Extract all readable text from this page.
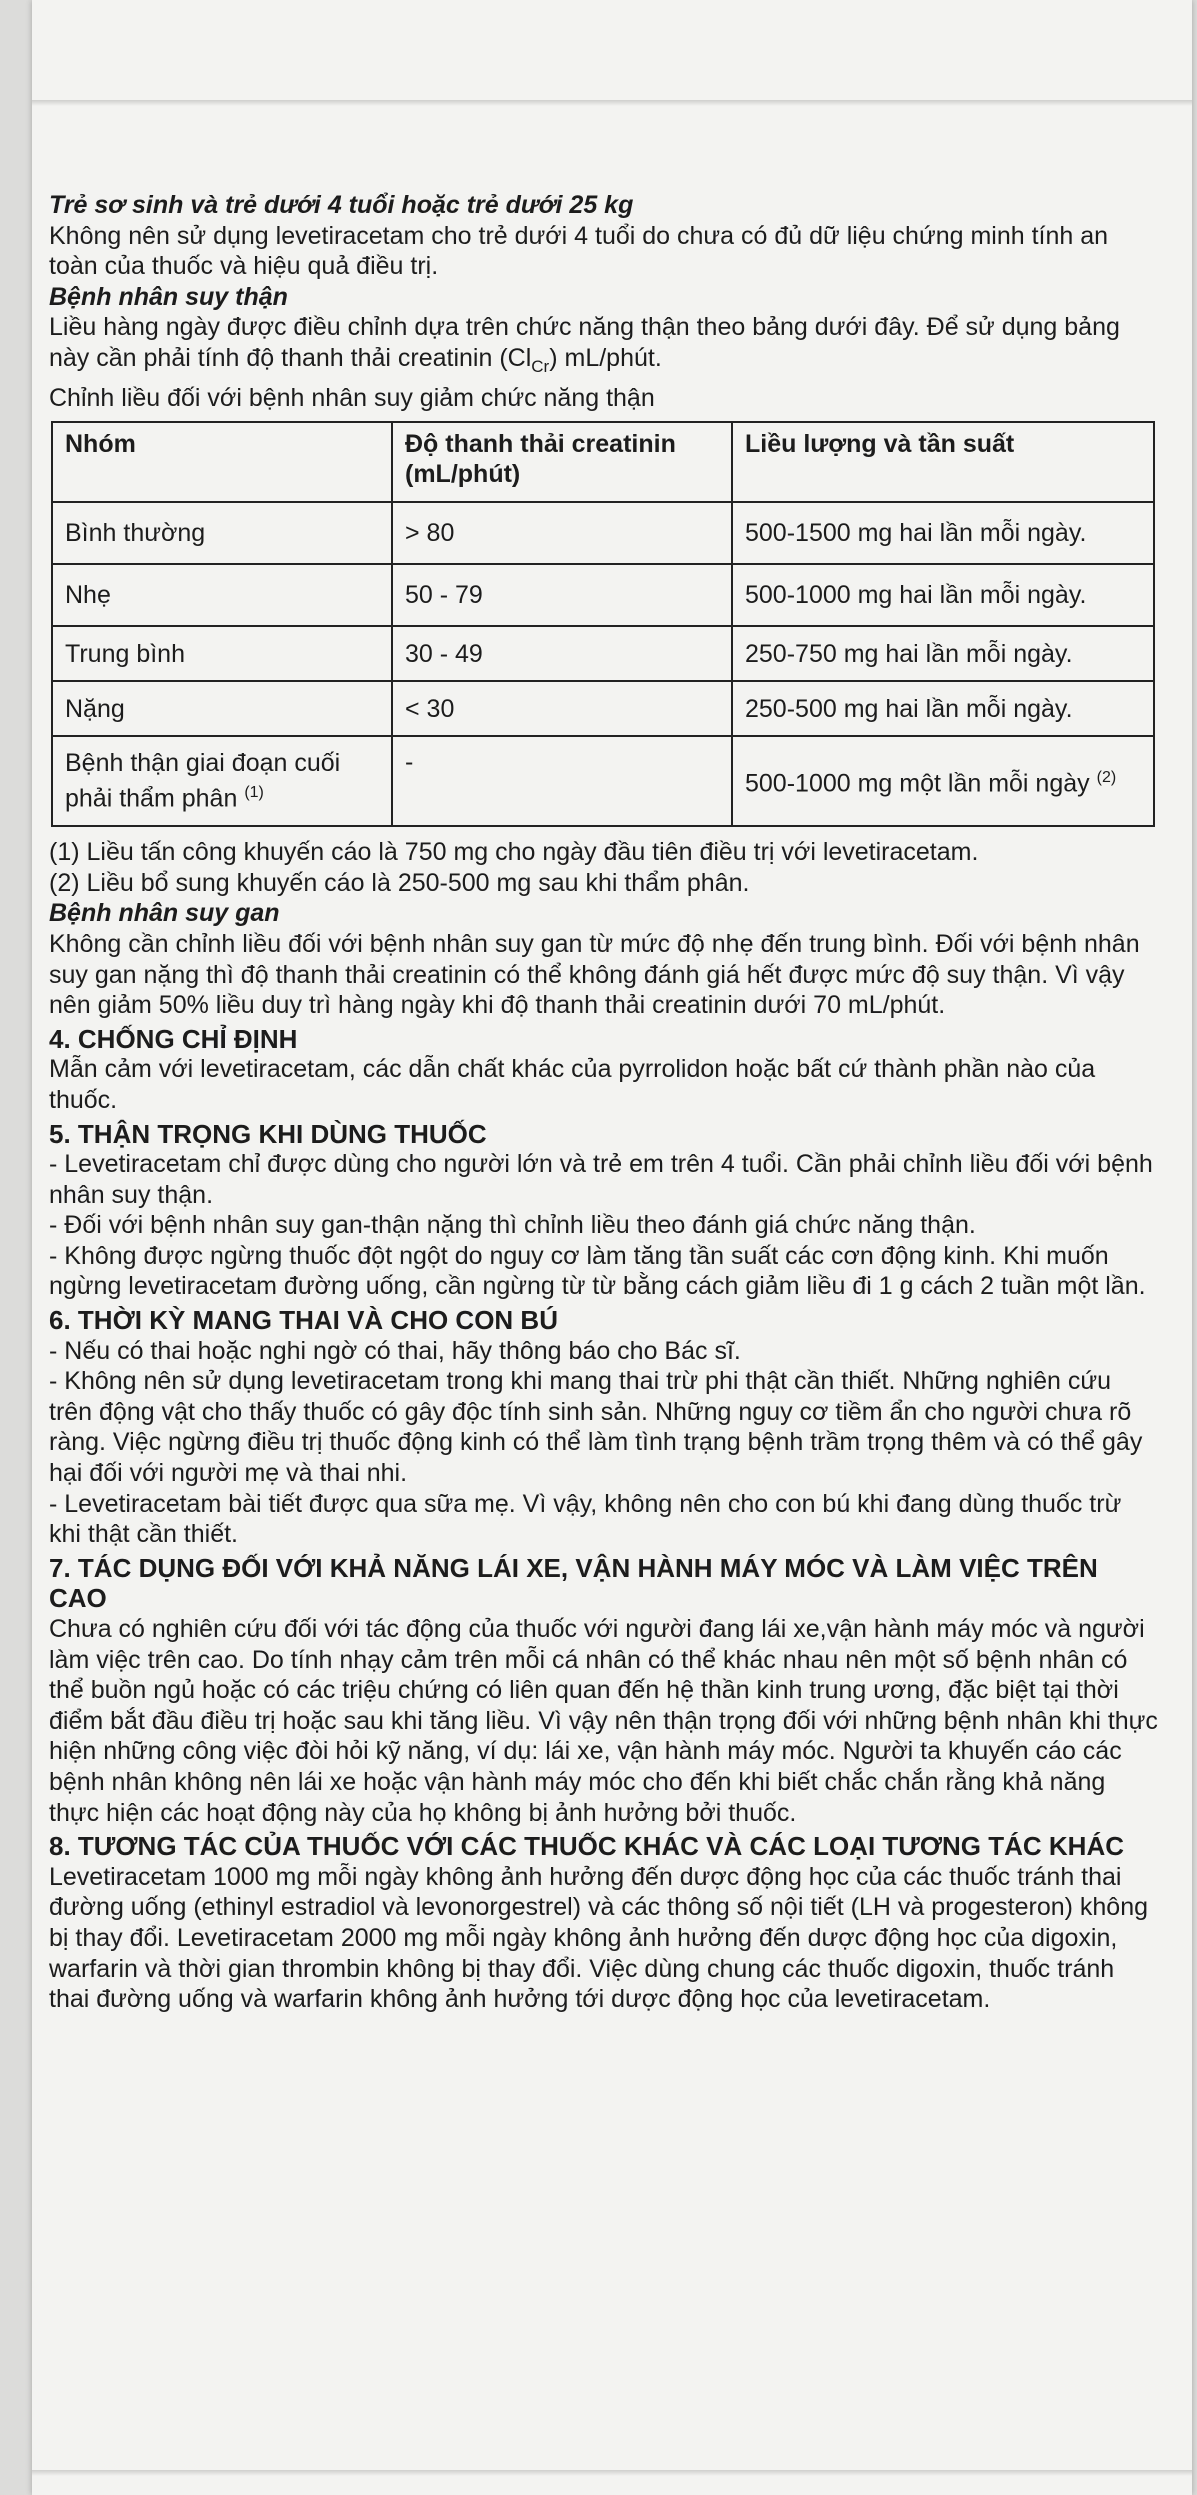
Trẻ sơ sinh và trẻ dưới 4 tuổi hoặc trẻ dưới 25 kg

Không nên sử dụng levetiracetam cho trẻ dưới 4 tuổi do chưa có đủ dữ liệu chứng minh tính an toàn của thuốc và hiệu quả điều trị.

Bệnh nhân suy thận

Liều hàng ngày được điều chỉnh dựa trên chức năng thận theo bảng dưới đây. Để sử dụng bảng này cần phải tính độ thanh thải creatinin $(Cl_{Cr})$ mL/phút.

Chỉnh liều đối với bệnh nhân suy giảm chức năng thận

Nhóm	Độ thanh thải creatinin (mL/phút)	Liều lượng và tần suất
Bình thường	> 80	500-1500 mg hai lần mỗi ngày.
Nhẹ	50 - 79	500-1000 mg hai lần mỗi ngày.
Trung bình	30 - 49	250-750 mg hai lần mỗi ngày.
Nặng	< 30	250-500 mg hai lần mỗi ngày.
Bệnh thận giai đoạn cuối phải thẩm phân $^{(1)}$	-	500-1000 mg một lần mỗi ngày $^{(2)}$

(1) Liều tấn công khuyến cáo là 750 mg cho ngày đầu tiên điều trị với levetiracetam.

(2) Liều bổ sung khuyến cáo là 250-500 mg sau khi thẩm phân.

Bệnh nhân suy gan

Không cần chỉnh liều đối với bệnh nhân suy gan từ mức độ nhẹ đến trung bình. Đối với bệnh nhân suy gan nặng thì độ thanh thải creatinin có thể không đánh giá hết được mức độ suy thận. Vì vậy nên giảm 50% liều duy trì hàng ngày khi độ thanh thải creatinin dưới 70 mL/phút.

4. CHỐNG CHỈ ĐỊNH

Mẫn cảm với levetiracetam, các dẫn chất khác của pyrrolidon hoặc bất cứ thành phần nào của thuốc.

5. THẬN TRỌNG KHI DÙNG THUỐC

- Levetiracetam chỉ được dùng cho người lớn và trẻ em trên 4 tuổi. Cần phải chỉnh liều đối với bệnh nhân suy thận.

- Đối với bệnh nhân suy gan-thận nặng thì chỉnh liều theo đánh giá chức năng thận.

- Không được ngừng thuốc đột ngột do nguy cơ làm tăng tần suất các cơn động kinh. Khi muốn ngừng levetiracetam đường uống, cần ngừng từ từ bằng cách giảm liều đi 1 g cách 2 tuần một lần.

6. THỜI KỲ MANG THAI VÀ CHO CON BÚ

- Nếu có thai hoặc nghi ngờ có thai, hãy thông báo cho Bác sĩ.

- Không nên sử dụng levetiracetam trong khi mang thai trừ phi thật cần thiết. Những nghiên cứu trên động vật cho thấy thuốc có gây độc tính sinh sản. Những nguy cơ tiềm ẩn cho người chưa rõ ràng. Việc ngừng điều trị thuốc động kinh có thể làm tình trạng bệnh trầm trọng thêm và có thể gây hại đối với người mẹ và thai nhi.

- Levetiracetam bài tiết được qua sữa mẹ. Vì vậy, không nên cho con bú khi đang dùng thuốc trừ khi thật cần thiết.

7. TÁC DỤNG ĐỐI VỚI KHẢ NĂNG LÁI XE, VẬN HÀNH MÁY MÓC VÀ LÀM VIỆC TRÊN CAO

Chưa có nghiên cứu đối với tác động của thuốc với người đang lái xe,vận hành máy móc và người làm việc trên cao. Do tính nhạy cảm trên mỗi cá nhân có thể khác nhau nên một số bệnh nhân có thể buồn ngủ hoặc có các triệu chứng có liên quan đến hệ thần kinh trung ương, đặc biệt tại thời điểm bắt đầu điều trị hoặc sau khi tăng liều. Vì vậy nên thận trọng đối với những bệnh nhân khi thực hiện những công việc đòi hỏi kỹ năng, ví dụ: lái xe, vận hành máy móc. Người ta khuyến cáo các bệnh nhân không nên lái xe hoặc vận hành máy móc cho đến khi biết chắc chắn rằng khả năng thực hiện các hoạt động này của họ không bị ảnh hưởng bởi thuốc.

8. TƯƠNG TÁC CỦA THUỐC VỚI CÁC THUỐC KHÁC VÀ CÁC LOẠI TƯƠNG TÁC KHÁC

Levetiracetam 1000 mg mỗi ngày không ảnh hưởng đến dược động học của các thuốc tránh thai đường uống (ethinyl estradiol và levonorgestrel) và các thông số nội tiết (LH và progesteron) không bị thay đổi. Levetiracetam 2000 mg mỗi ngày không ảnh hưởng đến dược động học của digoxin, warfarin và thời gian thrombin không bị thay đổi. Việc dùng chung các thuốc digoxin, thuốc tránh thai đường uống và warfarin không ảnh hưởng tới dược động học của levetiracetam.
